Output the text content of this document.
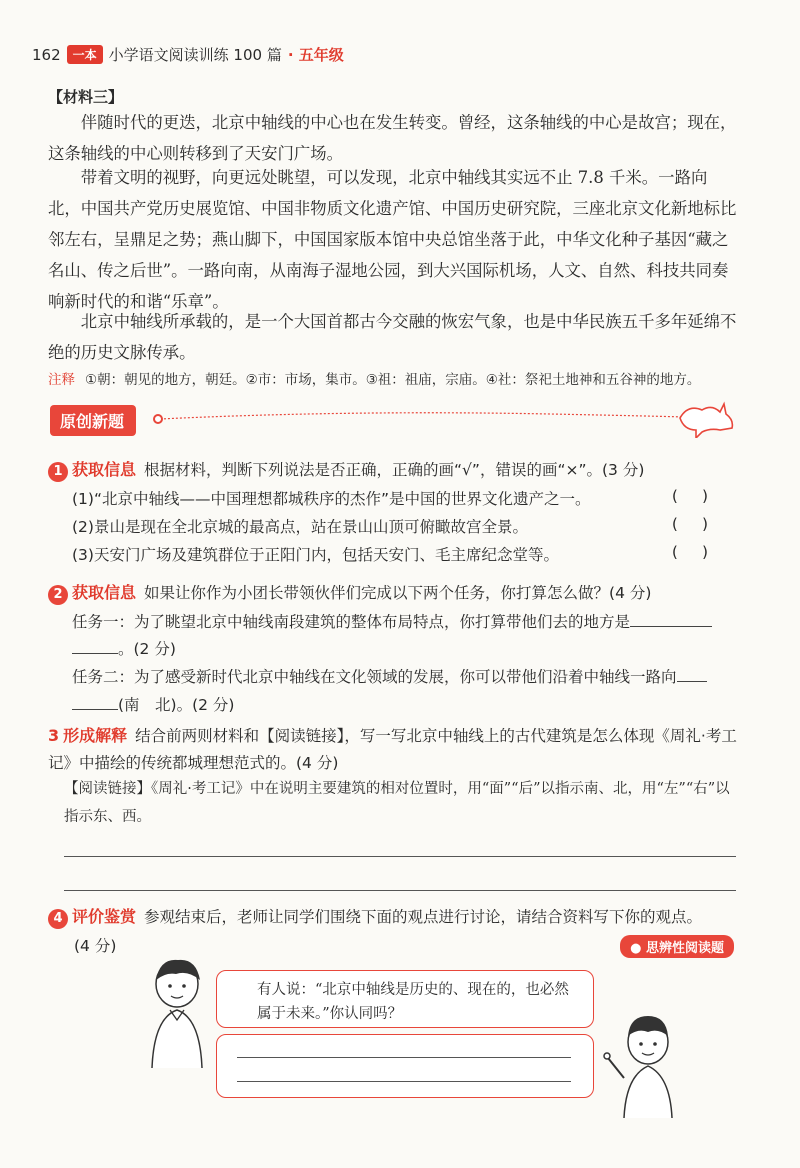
162	一本 小学语文阅读训练 100 篇 · 五年级
【材料三】

伴随时代的更迭，北京中轴线的中心也在发生转变。曾经，这条轴线的中心是故宫；现在，这条轴线的中心则转移到了天安门广场。

带着文明的视野，向更远处眺望，可以发现，北京中轴线其实远不止 7.8 千米。一路向北，中国共产党历史展览馆、中国非物质文化遗产馆、中国历史研究院，三座北京文化新地标比邻左右，呈鼎足之势；燕山脚下，中国国家版本馆中央总馆坐落于此，中华文化种子基因“藏之名山、传之后世”。一路向南，从南海子湿地公园，到大兴国际机场，人文、自然、科技共同奏响新时代的和谐“乐章”。

北京中轴线所承载的，是一个大国首都古今交融的恢宏气象，也是中华民族五千多年延绵不绝的历史文脉传承。

注释 ①朝：朝见的地方，朝廷。②市：市场，集市。③祖：祖庙，宗庙。④社：祭祀土地神和五谷神的地方。
原创新题
1 获取信息 根据材料，判断下列说法是否正确，正确的画“√”，错误的画“×”。(3 分)
(1)“北京中轴线——中国理想都城秩序的杰作”是中国的世界文化遗产之一。
(2)景山是现在全北京城的最高点，站在景山山顶可俯瞰故宫全景。
(3)天安门广场及建筑群位于正阳门内，包括天安门、毛主席纪念堂等。
()
()
()
2 获取信息 如果让你作为小团长带领伙伴们完成以下两个任务，你打算怎么做？(4 分)
任务一：为了眺望北京中轴线南段建筑的整体布局特点，你打算带他们去的地方是
。(2 分)
任务二：为了感受新时代北京中轴线在文化领域的发展，你可以带他们沿着中轴线一路向
(南　北)。(2 分)
3 形成解释 结合前两则材料和【阅读链接】，写一写北京中轴线上的古代建筑是怎么体现《周礼·考工记》中描绘的传统都城理想范式的。(4 分)
【阅读链接】《周礼·考工记》中在说明主要建筑的相对位置时，用“面”“后”以指示南、北，用“左”“右”以指示东、西。
4 评价鉴赏 参观结束后，老师让同学们围绕下面的观点进行讨论，请结合资料写下你的观点。
(4 分)	● 思辨性阅读题
有人说：“北京中轴线是历史的、现在的，也必然属于未来。”你认同吗？
